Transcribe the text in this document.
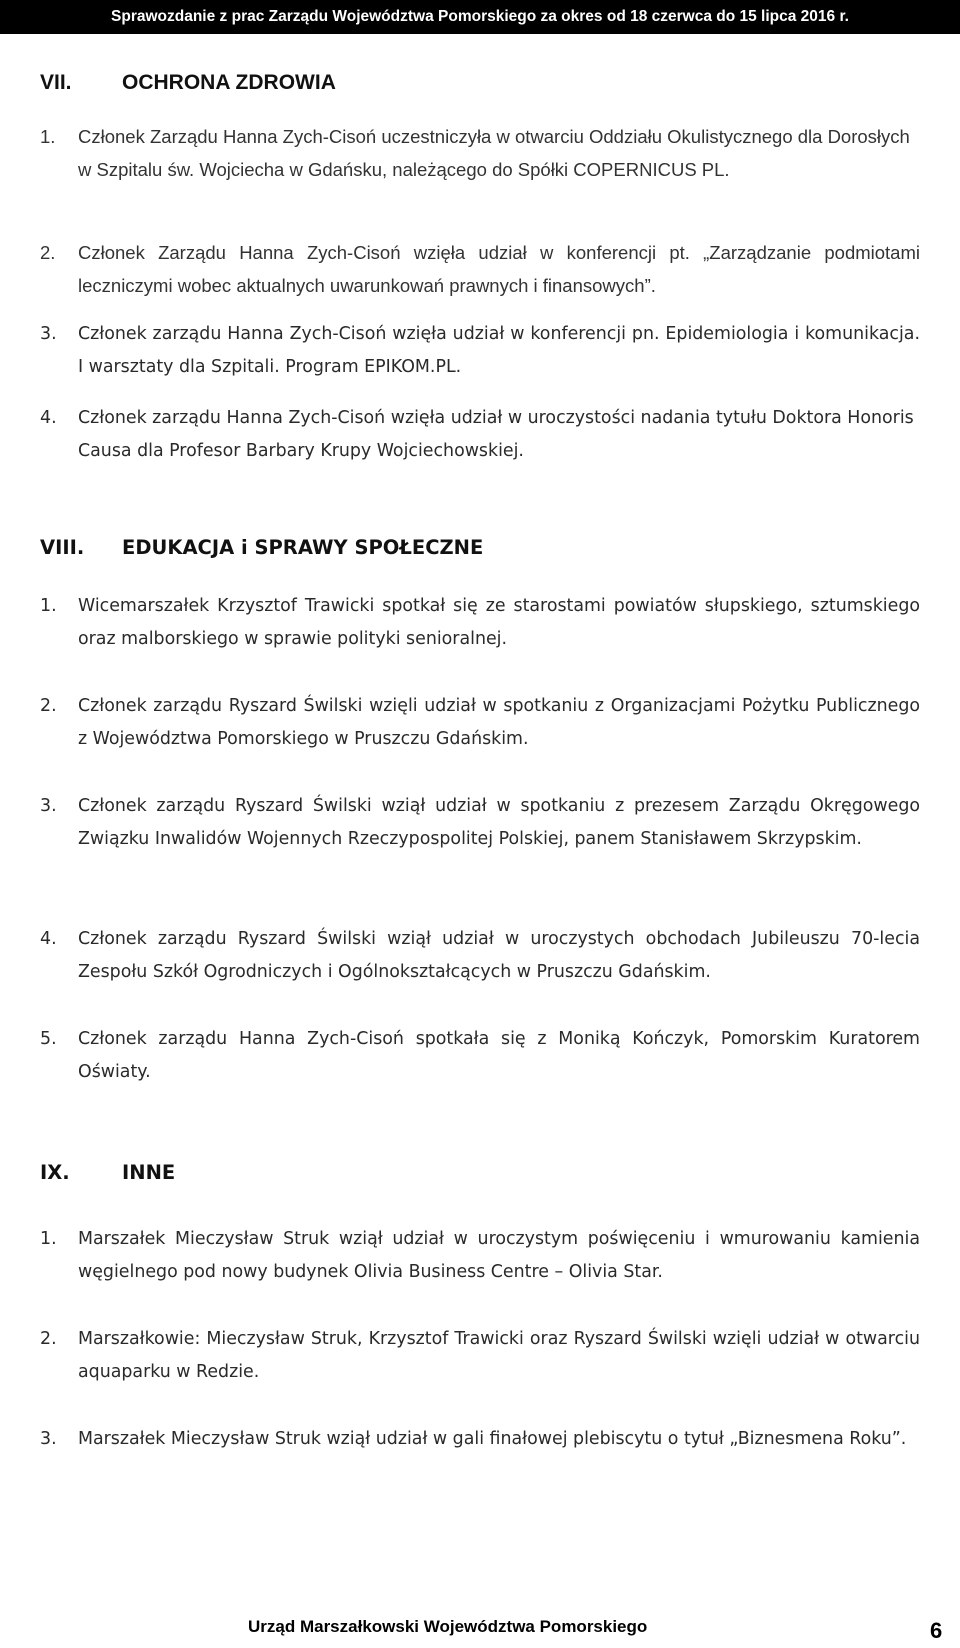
Sprawozdanie z prac Zarządu Województwa Pomorskiego za okres od 18 czerwca do 15 lipca 2016 r.
VII. OCHRONA ZDROWIA
1. Członek Zarządu Hanna Zych-Cisoń uczestniczyła w otwarciu Oddziału Okulistycznego dla Dorosłych w Szpitalu św. Wojciecha w Gdańsku, należącego do Spółki COPERNICUS PL.
2. Członek Zarządu Hanna Zych-Cisoń wzięła udział w konferencji pt. „Zarządzanie podmiotami leczniczymi wobec aktualnych uwarunkowań prawnych i finansowych”.
3. Członek zarządu Hanna Zych-Cisoń wzięła udział w konferencji pn. Epidemiologia i komunikacja. I warsztaty dla Szpitali. Program EPIKOM.PL.
4. Członek zarządu Hanna Zych-Cisoń wzięła udział w uroczystości nadania tytułu Doktora Honoris Causa dla Profesor Barbary Krupy Wojciechowskiej.
VIII. EDUKACJA i SPRAWY SPOŁECZNE
1. Wicemarszałek Krzysztof Trawicki spotkał się ze starostami powiatów słupskiego, sztumskiego oraz malborskiego w sprawie polityki senioralnej.
2. Członek zarządu Ryszard Świlski wzięli udział w spotkaniu z Organizacjami Pożytku Publicznego z Województwa Pomorskiego w Pruszczu Gdańskim.
3. Członek zarządu Ryszard Świlski wziął udział w spotkaniu z prezesem Zarządu Okręgowego Związku Inwalidów Wojennych Rzeczypospolitej Polskiej, panem Stanisławem Skrzypskim.
4. Członek zarządu Ryszard Świlski wziął udział w uroczystych obchodach Jubileuszu 70-lecia Zespołu Szkół Ogrodniczych i Ogólnokształcących w Pruszczu Gdańskim.
5. Członek zarządu Hanna Zych-Cisoń spotkała się z Moniką Kończyk, Pomorskim Kuratorem Oświaty.
IX.	INNE
1. Marszałek Mieczysław Struk wziął udział w uroczystym poświęceniu i wmurowaniu kamienia węgielnego pod nowy budynek Olivia Business Centre – Olivia Star.
2. Marszałkowie: Mieczysław Struk, Krzysztof Trawicki oraz Ryszard Świlski wzięli udział w otwarciu aquaparku w Redzie.
3. Marszałek Mieczysław Struk wziął udział w gali finałowej plebiscytu o tytuł „Biznesmena Roku”.
Urząd Marszałkowski Województwa Pomorskiego	6
